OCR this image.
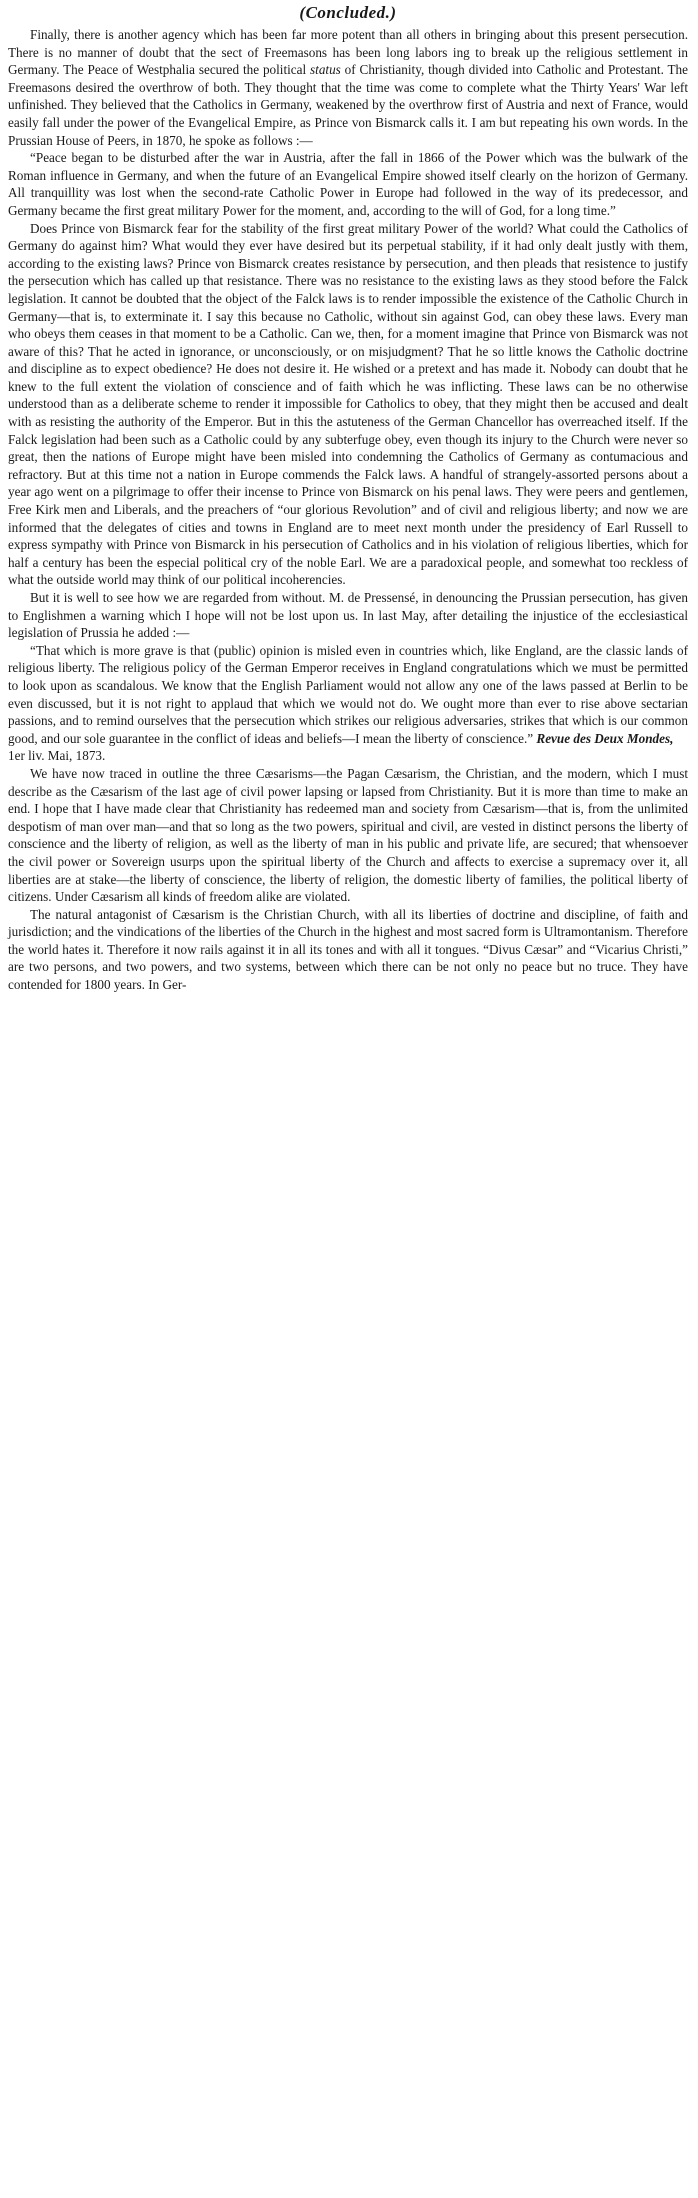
(Concluded.)

Finally, there is another agency which has been far more potent than all others in bringing about this present persecution. There is no manner of doubt that the sect of Freemasons has been long labors ing to break up the religious settlement in Germany. The Peace of Westphalia secured the political status of Christianity, though divided into Catholic and Protestant. The Freemasons desired the overthrow of both. They thought that the time was come to complete what the Thirty Years' War left unfinished. They believed that the Catholics in Germany, weakened by the overthrow first of Austria and next of France, would easily fall under the power of the Evangelical Empire, as Prince von Bismarck calls it. I am but repeating his own words. In the Prussian House of Peers, in 1870, he spoke as follows :—

“Peace began to be disturbed after the war in Austria, after the fall in 1866 of the Power which was the bulwark of the Roman influence in Germany, and when the future of an Evangelical Empire showed itself clearly on the horizon of Germany. All tranquillity was lost when the second-rate Catholic Power in Europe had followed in the way of its predecessor, and Germany became the first great military Power for the moment, and, according to the will of God, for a long time.”

Does Prince von Bismarck fear for the stability of the first great military Power of the world? What could the Catholics of Germany do against him? What would they ever have desired but its perpetual stability, if it had only dealt justly with them, according to the existing laws? Prince von Bismarck creates resistance by persecution, and then pleads that resistence to justify the persecution which has called up that resistance. There was no resistance to the existing laws as they stood before the Falck legislation. It cannot be doubted that the object of the Falck laws is to render impossible the existence of the Catholic Church in Germany—that is, to exterminate it. I say this because no Catholic, without sin against God, can obey these laws. Every man who obeys them ceases in that moment to be a Catholic. Can we, then, for a moment imagine that Prince von Bismarck was not aware of this? That he acted in ignorance, or unconsciously, or on misjudgment? That he so little knows the Catholic doctrine and discipline as to expect obedience? He does not desire it. He wished or a pretext and has made it. Nobody can doubt that he knew to the full extent the violation of conscience and of faith which he was inflicting. These laws can be no otherwise understood than as a deliberate scheme to render it impossible for Catholics to obey, that they might then be accused and dealt with as resisting the authority of the Emperor. But in this the astuteness of the German Chancellor has overreached itself. If the Falck legislation had been such as a Catholic could by any subterfuge obey, even though its injury to the Church were never so great, then the nations of Europe might have been misled into condemning the Catholics of Germany as contumacious and refractory. But at this time not a nation in Europe commends the Falck laws. A handful of strangely-assorted persons about a year ago went on a pilgrimage to offer their incense to Prince von Bismarck on his penal laws. They were peers and gentlemen, Free Kirk men and Liberals, and the preachers of “our glorious Revolution” and of civil and religious liberty; and now we are informed that the delegates of cities and towns in England are to meet next month under the presidency of Earl Russell to express sympathy with Prince von Bismarck in his persecution of Catholics and in his violation of religious liberties, which for half a century has been the especial political cry of the noble Earl. We are a paradoxical people, and somewhat too reckless of what the outside world may think of our political incoherencies.

But it is well to see how we are regarded from without. M. de Pressensé, in denouncing the Prussian persecution, has given to Englishmen a warning which I hope will not be lost upon us. In last May, after detailing the injustice of the ecclesiastical legislation of Prussia he added :—

“That which is more grave is that (public) opinion is misled even in countries which, like England, are the classic lands of religious liberty. The religious policy of the German Emperor receives in England congratulations which we must be permitted to look upon as scandalous. We know that the English Parliament would not allow any one of the laws passed at Berlin to be even discussed, but it is not right to applaud that which we would not do. We ought more than ever to rise above sectarian passions, and to remind ourselves that the persecution which strikes our religious adversaries, strikes that which is our common good, and our sole guarantee in the conflict of ideas and beliefs—I mean the liberty of conscience.” Revue des Deux Mondes,
1er liv. Mai, 1873.

We have now traced in outline the three Cæsarisms—the Pagan Cæsarism, the Christian, and the modern, which I must describe as the Cæsarism of the last age of civil power lapsing or lapsed from Christianity. But it is more than time to make an end. I hope that I have made clear that Christianity has redeemed man and society from Cæsarism—that is, from the unlimited despotism of man over man—and that so long as the two powers, spiritual and civil, are vested in distinct persons the liberty of conscience and the liberty of religion, as well as the liberty of man in his public and private life, are secured; that whensoever the civil power or Sovereign usurps upon the spiritual liberty of the Church and affects to exercise a supremacy over it, all liberties are at stake—the liberty of conscience, the liberty of religion, the domestic liberty of families, the political liberty of citizens. Under Cæsarism all kinds of freedom alike are violated.

The natural antagonist of Cæsarism is the Christian Church, with all its liberties of doctrine and discipline, of faith and jurisdiction; and the vindications of the liberties of the Church in the highest and most sacred form is Ultramontanism. Therefore the world hates it. Therefore it now rails against it in all its tones and with all it tongues. “Divus Cæsar” and “Vicarius Christi,” are two persons, and two powers, and two systems, between which there can be not only no peace but no truce. They have contended for 1800 years. In Ger-
